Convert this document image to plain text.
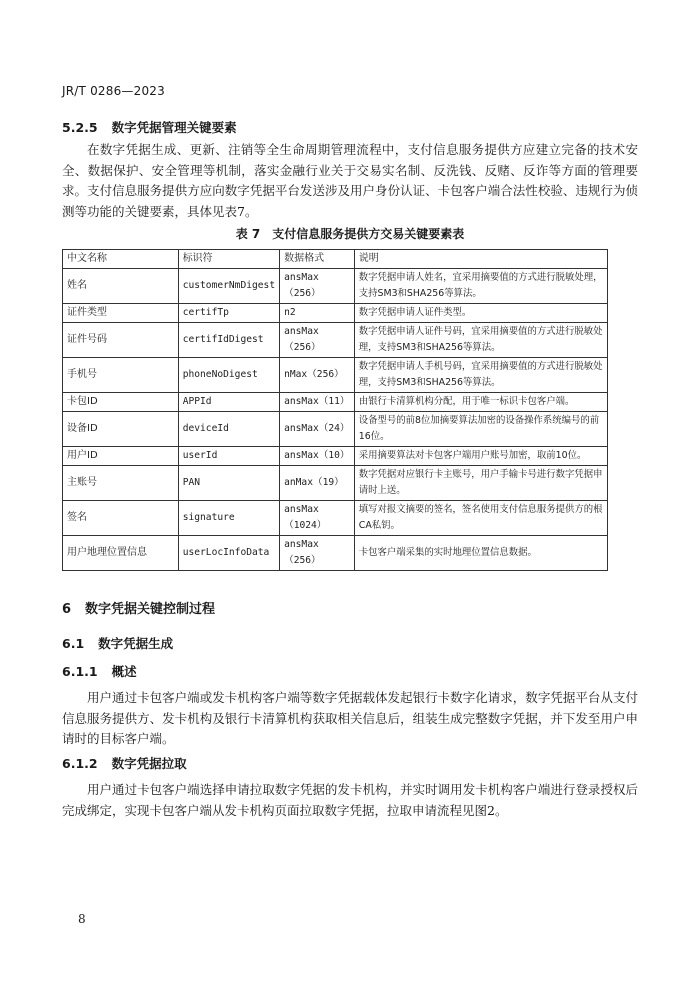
JR/T 0286—2023
5.2.5 数字凭据管理关键要素

在数字凭据生成、更新、注销等全生命周期管理流程中，支付信息服务提供方应建立完备的技术安全、数据保护、安全管理等机制，落实金融行业关于交易实名制、反洗钱、反赌、反诈等方面的管理要求。支付信息服务提供方应向数字凭据平台发送涉及用户身份认证、卡包客户端合法性校验、违规行为侦测等功能的关键要素，具体见表7。

表 7 支付信息服务提供方交易关键要素表
中文名称	标识符	数据格式	说明
姓名	customerNmDigest	ansMax（256）	数字凭据申请人姓名，宜采用摘要值的方式进行脱敏处理，支持SM3和SHA256等算法。
证件类型	certifTp	n2	数字凭据申请人证件类型。
证件号码	certifIdDigest	ansMax（256）	数字凭据申请人证件号码，宜采用摘要值的方式进行脱敏处理，支持SM3和SHA256等算法。
手机号	phoneNoDigest	nMax（256）	数字凭据申请人手机号码，宜采用摘要值的方式进行脱敏处理，支持SM3和SHA256等算法。
卡包ID	APPId	ansMax（11）	由银行卡清算机构分配，用于唯一标识卡包客户端。
设备ID	deviceId	ansMax（24）	设备型号的前8位加摘要算法加密的设备操作系统编号的前16位。
用户ID	userId	ansMax（10）	采用摘要算法对卡包客户端用户账号加密，取前10位。
主账号	PAN	anMax（19）	数字凭据对应银行卡主账号，用户手输卡号进行数字凭据申请时上送。
签名	signature	ansMax（1024）	填写对报文摘要的签名，签名使用支付信息服务提供方的根CA私钥。
用户地理位置信息	userLocInfoData	ansMax（256）	卡包客户端采集的实时地理位置信息数据。
6 数字凭据关键控制过程
6.1 数字凭据生成
6.1.1 概述

用户通过卡包客户端或发卡机构客户端等数字凭据载体发起银行卡数字化请求，数字凭据平台从支付信息服务提供方、发卡机构及银行卡清算机构获取相关信息后，组装生成完整数字凭据，并下发至用户申请时的目标客户端。

6.1.2 数字凭据拉取

用户通过卡包客户端选择申请拉取数字凭据的发卡机构，并实时调用发卡机构客户端进行登录授权后完成绑定，实现卡包客户端从发卡机构页面拉取数字凭据，拉取申请流程见图2。

8
